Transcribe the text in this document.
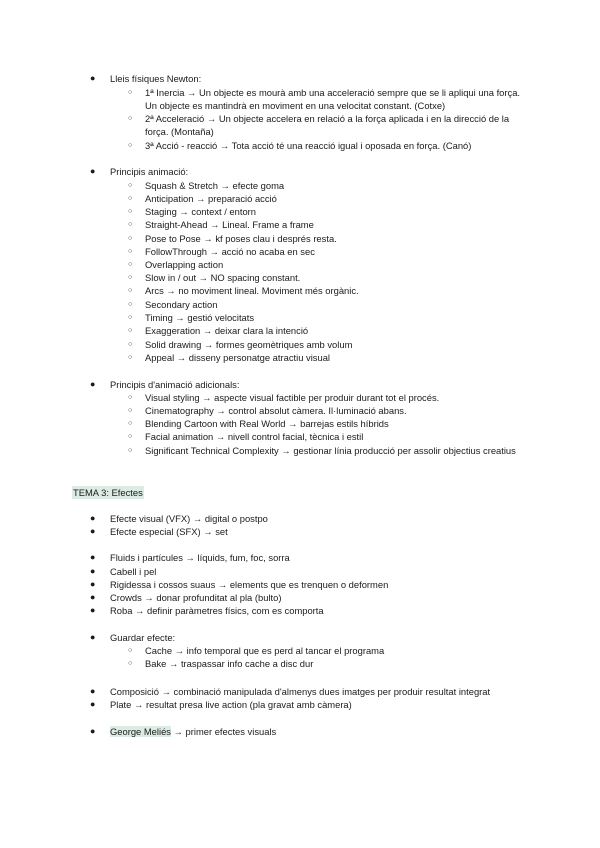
● Lleis físiques Newton:
○	1ª Inercia → Un objecte es mourà amb una acceleració sempre que se li apliqui una força. Un objecte es mantindrà en moviment en una velocitat constant. (Cotxe)
○	2ª Acceleració → Un objecte accelera en relació a la força aplicada i en la direcció de la força. (Montaña)
○	3ª Acció - reacció → Tota acció té una reacció igual i oposada en força. (Canó)
● Principis animació:
○	Squash & Stretch → efecte goma
○	Anticipation → preparació acció
○	Staging → context / entorn
○	Straight-Ahead → Lineal. Frame a frame
○	Pose to Pose → kf poses clau i després resta.
○	FollowThrough → acció no acaba en sec
○	Overlapping action
○	Slow in / out → NO spacing constant.
○	Arcs → no moviment lineal. Moviment més orgànic.
○	Secondary action
○	Timing → gestió velocitats
○	Exaggeration → deixar clara la intenció
○	Solid drawing → formes geomètriques amb volum
○	Appeal → disseny personatge atractiu visual
● Principis d'animació adicionals:
○	Visual styling → aspecte visual factible per produir durant tot el procés.
○	Cinematography → control absolut càmera. Il·luminació abans.
○	Blending Cartoon with Real World → barrejas estils híbrids
○	Facial animation → nivell control facial, tècnica i estil
○	Significant Technical Complexity → gestionar línia producció per assolir objectius creatius
TEMA 3: Efectes
● Efecte visual (VFX) → digital o postpo
● Efecte especial (SFX) → set
● Fluids i partícules → líquids, fum, foc, sorra
● Cabell i pel
● Rigidessa i cossos suaus → elements que es trenquen o deformen
● Crowds → donar profunditat al pla (bulto)
● Roba → definir paràmetres físics, com es comporta
● Guardar efecte:
○	Cache → info temporal que es perd al tancar el programa
○	Bake → traspassar info cache a disc dur
● Composició → combinació manipulada d'almenys dues imatges per produir resultat integrat
● Plate → resultat presa live action (pla gravat amb càmera)
● George Meliés → primer efectes visuals
